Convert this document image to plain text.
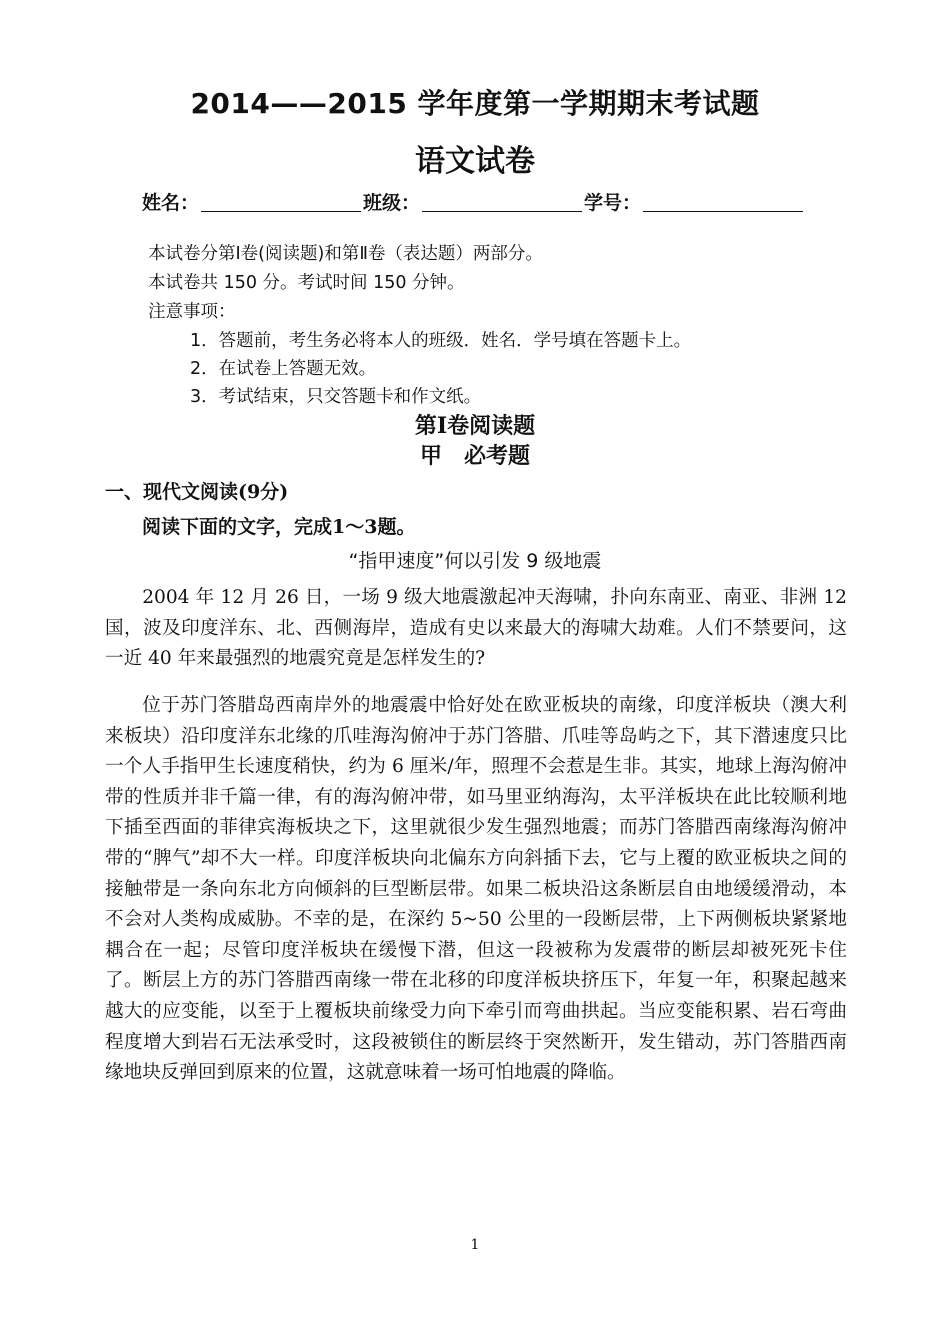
2014——2015 学年度第一学期期末考试题
语文试卷
姓名：	班级：	学号：
本试卷分第Ⅰ卷(阅读题)和第Ⅱ卷（表达题）两部分。
本试卷共 150 分。考试时间 150 分钟。
注意事项：
1．答题前，考生务必将本人的班级．姓名．学号填在答题卡上。
2．在试卷上答题无效。
3．考试结束，只交答题卡和作文纸。
第Ⅰ卷阅读题
甲　必考题
一、现代文阅读(9分)
阅读下面的文字，完成1～3题。
“指甲速度”何以引发 9 级地震

2004 年 12 月 26 日，一场 9 级大地震激起冲天海啸，扑向东南亚、南亚、非洲 12 国，波及印度洋东、北、西侧海岸，造成有史以来最大的海啸大劫难。人们不禁要问，这一近 40 年来最强烈的地震究竟是怎样发生的?

位于苏门答腊岛西南岸外的地震震中恰好处在欧亚板块的南缘，印度洋板块（澳大利来板块）沿印度洋东北缘的爪哇海沟俯冲于苏门答腊、爪哇等岛屿之下，其下潜速度只比一个人手指甲生长速度稍快，约为 6 厘米/年，照理不会惹是生非。其实，地球上海沟俯冲带的性质并非千篇一律，有的海沟俯冲带，如马里亚纳海沟，太平洋板块在此比较顺利地下插至西面的菲律宾海板块之下，这里就很少发生强烈地震；而苏门答腊西南缘海沟俯冲带的“脾气”却不大一样。印度洋板块向北偏东方向斜插下去，它与上覆的欧亚板块之间的接触带是一条向东北方向倾斜的巨型断层带。如果二板块沿这条断层自由地缓缓滑动，本不会对人类构成威胁。不幸的是，在深约 5~50 公里的一段断层带，上下两侧板块紧紧地耦合在一起；尽管印度洋板块在缓慢下潜，但这一段被称为发震带的断层却被死死卡住了。断层上方的苏门答腊西南缘一带在北移的印度洋板块挤压下，年复一年，积聚起越来越大的应变能，以至于上覆板块前缘受力向下牵引而弯曲拱起。当应变能积累、岩石弯曲程度增大到岩石无法承受时，这段被锁住的断层终于突然断开，发生错动，苏门答腊西南缘地块反弹回到原来的位置，这就意味着一场可怕地震的降临。

1
